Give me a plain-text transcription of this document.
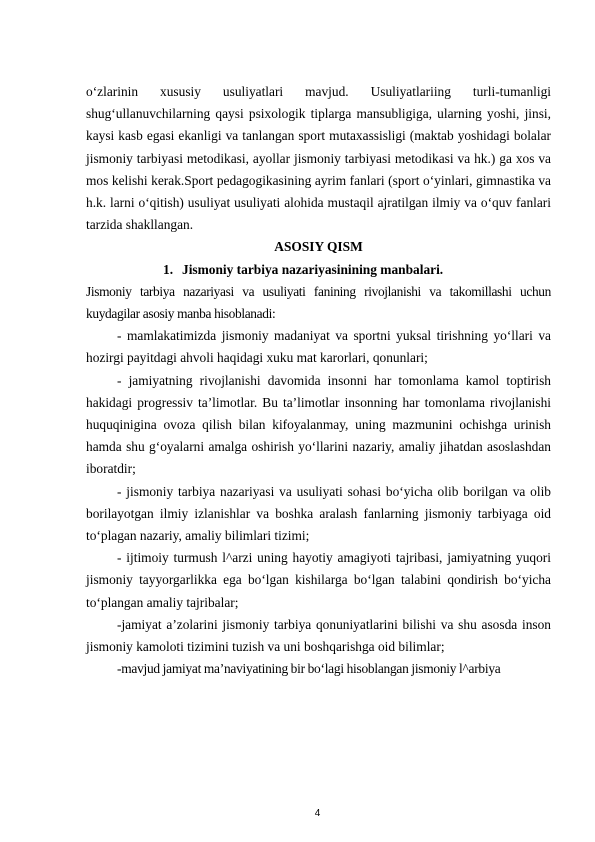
o‘zlarinin xususiy usuliyatlari mavjud. Usuliyatlariing turli-tumanligi shug‘ullanuvchilarning qaysi psixologik tiplarga mansubligiga, ularning yoshi, jinsi, kaysi kasb egasi ekanligi va tanlangan sport mutaxassisligi (maktab yoshidagi bolalar jismoniy tarbiyasi metodikasi, ayollar jismoniy tarbiyasi metodikasi va hk.) ga xos va mos kelishi kerak.Sport pedagogikasining ayrim fanlari (sport o‘yinlari, gimnastika va h.k. larni o‘qitish) usuliyat usuliyati alohida mustaqil ajratilgan ilmiy va o‘quv fanlari tarzida shakllangan.

ASOSIY QISM

1. Jismoniy tarbiya nazariyasinining manbalari.

Jismoniy tarbiya nazariyasi va usuliyati fanining rivojlanishi va takomillashi uchun kuydagilar asosiy manba hisoblanadi:

- mamlakatimizda jismoniy madaniyat va sportni yuksal tirishning yo‘llari va hozirgi payitdagi ahvoli haqidagi xuku mat karorlari, qonunlari;

- jamiyatning rivojlanishi davomida insonni har tomonlama kamol toptirish hakidagi progressiv ta’limotlar. Bu ta’limotlar insonning har tomonlama rivojlanishi huquqinigina ovoza qilish bilan kifoyalanmay, uning mazmunini ochishga urinish hamda shu g‘oyalarni amalga oshirish yo‘llarini nazariy, amaliy jihatdan asoslashdan iboratdir;

- jismoniy tarbiya nazariyasi va usuliyati sohasi bo‘yicha olib borilgan va olib borilayotgan ilmiy izlanishlar va boshka aralash fanlarning jismoniy tarbiyaga oid to‘plagan nazariy, amaliy bilimlari tizimi;

- ijtimoiy turmush l^arzi uning hayotiy amagiyoti tajribasi, jamiyatning yuqori jismoniy tayyorgarlikka ega bo‘lgan kishilarga bo‘lgan talabini qondirish bo‘yicha to‘plangan amaliy tajribalar;

-jamiyat a’zolarini jismoniy tarbiya qonuniyatlarini bilishi va shu asosda inson jismoniy kamoloti tizimini tuzish va uni boshqarishga oid bilimlar;

-mavjud jamiyat ma’naviyatining bir bo‘lagi hisoblangan jismoniy l^arbiya

4
